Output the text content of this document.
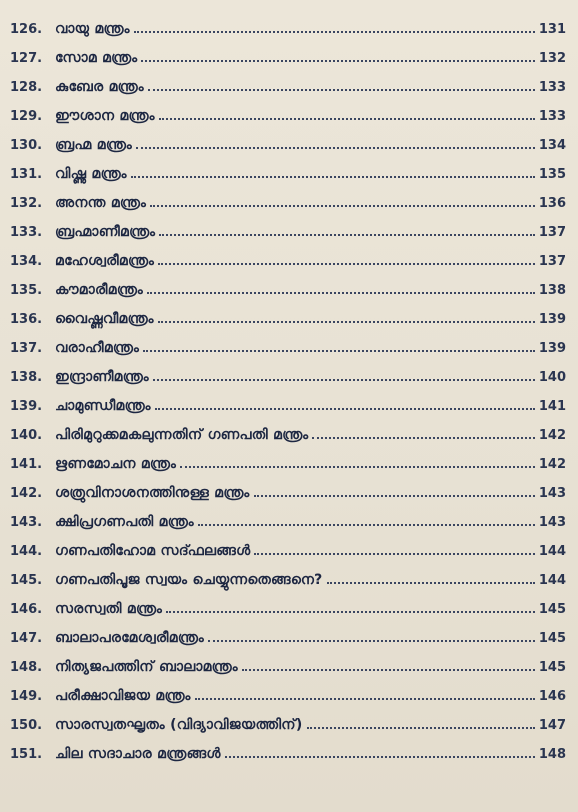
126. വായു മന്ത്രം	131
127. സോമ മന്ത്രം	132
128. കുബേര മന്ത്രം	133
129. ഈശാന മന്ത്രം	133
130. ബ്രഹ്മ മന്ത്രം	134
131. വിഷ്ണു മന്ത്രം	135
132. അനന്ത മന്ത്രം	136
133. ബ്രഹ്മാണീമന്ത്രം	137
134. മഹേശ്വരീമന്ത്രം	137
135. കൗമാരീമന്ത്രം	138
136. വൈഷ്ണവീമന്ത്രം	139
137. വരാഹീമന്ത്രം	139
138. ഇന്ദ്രാണീമന്ത്രം	140
139. ചാമുണ്ഡീമന്ത്രം	141
140. പിരിമുറുക്കമകലുന്നതിന് ഗണപതി മന്ത്രം	142
141. ഋണമോചന മന്ത്രം	142
142. ശത്രുവിനാശനത്തിനുള്ള മന്ത്രം	143
143. ക്ഷിപ്രഗണപതി മന്ത്രം	143
144. ഗണപതിഹോമ സദ്ഫലങ്ങൾ	144
145. ഗണപതിപൂജ സ്വയം ചെയ്യുന്നതെങ്ങനെ?	144
146. സരസ്വതി മന്ത്രം	145
147. ബാലാപരമേശ്വരീമന്ത്രം	145
148. നിത്യജപത്തിന് ബാലാമന്ത്രം	145
149. പരീക്ഷാവിജയ മന്ത്രം	146
150. സാരസ്വതഘൃതം (വിദ്യാവിജയത്തിന്)	147
151. ചില സദാചാര മന്ത്രങ്ങൾ	148
